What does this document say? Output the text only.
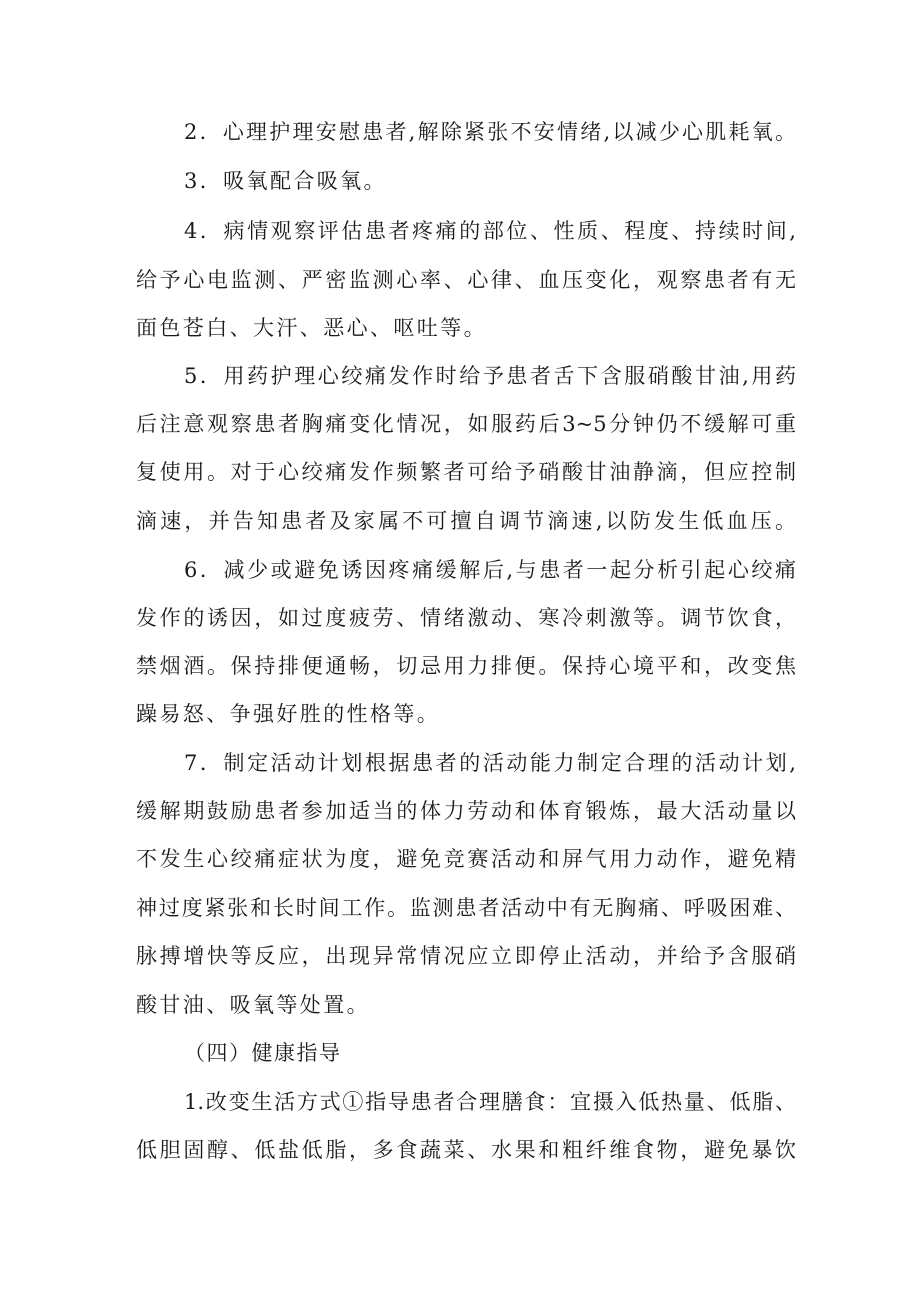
2．心理护理安慰患者,解除紧张不安情绪,以减少心肌耗氧。
3．吸氧配合吸氧。
4．病情观察评估患者疼痛的部位、性质、程度、持续时间,
给予心电监测、严密监测心率、心律、血压变化，观察患者有无
面色苍白、大汗、恶心、呕吐等。
5．用药护理心绞痛发作时给予患者舌下含服硝酸甘油,用药
后注意观察患者胸痛变化情况，如服药后3~5分钟仍不缓解可重
复使用。对于心绞痛发作频繁者可给予硝酸甘油静滴，但应控制
滴速，并告知患者及家属不可擅自调节滴速,以防发生低血压。
6．减少或避免诱因疼痛缓解后,与患者一起分析引起心绞痛
发作的诱因，如过度疲劳、情绪激动、寒冷刺激等。调节饮食，
禁烟酒。保持排便通畅，切忌用力排便。保持心境平和，改变焦
躁易怒、争强好胜的性格等。
7．制定活动计划根据患者的活动能力制定合理的活动计划,
缓解期鼓励患者参加适当的体力劳动和体育锻炼，最大活动量以
不发生心绞痛症状为度，避免竞赛活动和屏气用力动作，避免精
神过度紧张和长时间工作。监测患者活动中有无胸痛、呼吸困难、
脉搏增快等反应，出现异常情况应立即停止活动，并给予含服硝
酸甘油、吸氧等处置。
（四）健康指导
1.改变生活方式①指导患者合理膳食：宜摄入低热量、低脂、
低胆固醇、低盐低脂，多食蔬菜、水果和粗纤维食物，避免暴饮
